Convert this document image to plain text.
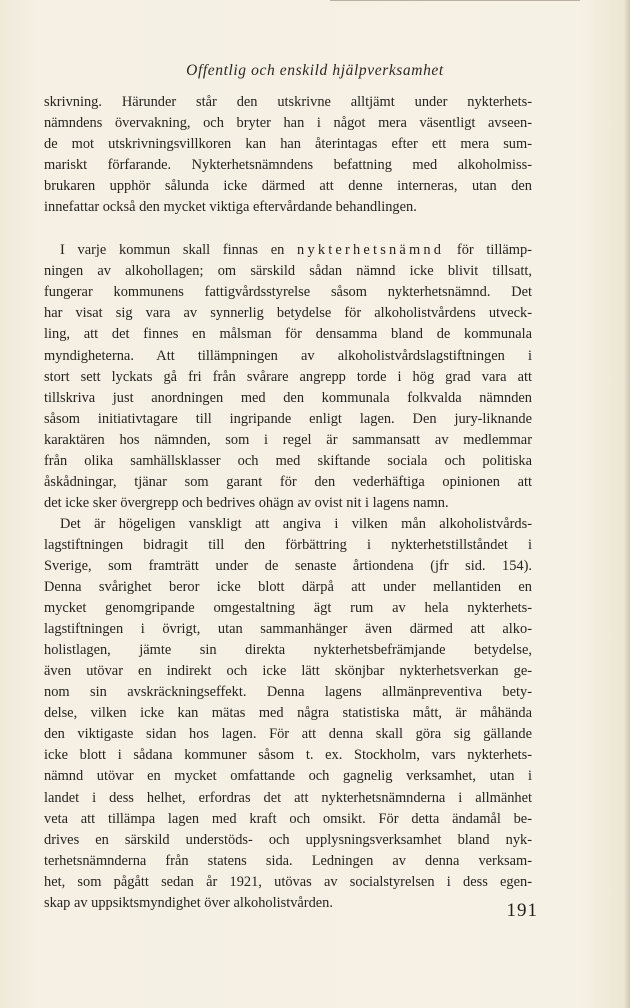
Offentlig och enskild hjälpverksamhet

skrivning. Härunder står den utskrivne alltjämt under nykterhets-

nämndens övervakning, och bryter han i något mera väsentligt avseen-

de mot utskrivningsvillkoren kan han återintagas efter ett mera sum-

mariskt förfarande. Nykterhetsnämndens befattning med alkoholmiss-

brukaren upphör sålunda icke därmed att denne interneras, utan den

innefattar också den mycket viktiga eftervårdande behandlingen.

I varje kommun skall finnas en nykterhetsnämnd för tillämp-

ningen av alkohollagen; om särskild sådan nämnd icke blivit tillsatt,

fungerar kommunens fattigvårdsstyrelse såsom nykterhetsnämnd. Det

har visat sig vara av synnerlig betydelse för alkoholistvårdens utveck-

ling, att det finnes en målsman för densamma bland de kommunala

myndigheterna. Att tillämpningen av alkoholistvårdslagstiftningen i

stort sett lyckats gå fri från svårare angrepp torde i hög grad vara att

tillskriva just anordningen med den kommunala folkvalda nämnden

såsom initiativtagare till ingripande enligt lagen. Den jury-liknande

karaktären hos nämnden, som i regel är sammansatt av medlemmar

från olika samhällsklasser och med skiftande sociala och politiska

åskådningar, tjänar som garant för den vederhäftiga opinionen att

det icke sker övergrepp och bedrives ohägn av ovist nit i lagens namn.

Det är högeligen vanskligt att angiva i vilken mån alkoholistvårds-

lagstiftningen bidragit till den förbättring i nykterhetstillståndet i

Sverige, som framträtt under de senaste årtiondena (jfr sid. 154).

Denna svårighet beror icke blott därpå att under mellantiden en

mycket genomgripande omgestaltning ägt rum av hela nykterhets-

lagstiftningen i övrigt, utan sammanhänger även därmed att alko-

holistlagen, jämte sin direkta nykterhetsbefrämjande betydelse,

även utövar en indirekt och icke lätt skönjbar nykterhetsverkan ge-

nom sin avskräckningseffekt. Denna lagens allmänpreventiva bety-

delse, vilken icke kan mätas med några statistiska mått, är måhända

den viktigaste sidan hos lagen. För att denna skall göra sig gällande

icke blott i sådana kommuner såsom t. ex. Stockholm, vars nykterhets-

nämnd utövar en mycket omfattande och gagnelig verksamhet, utan i

landet i dess helhet, erfordras det att nykterhetsnämnderna i allmänhet

veta att tillämpa lagen med kraft och omsikt. För detta ändamål be-

drives en särskild understöds- och upplysningsverksamhet bland nyk-

terhetsnämnderna från statens sida. Ledningen av denna verksam-

het, som pågått sedan år 1921, utövas av socialstyrelsen i dess egen-

skap av uppsiktsmyndighet över alkoholistvården.	191
